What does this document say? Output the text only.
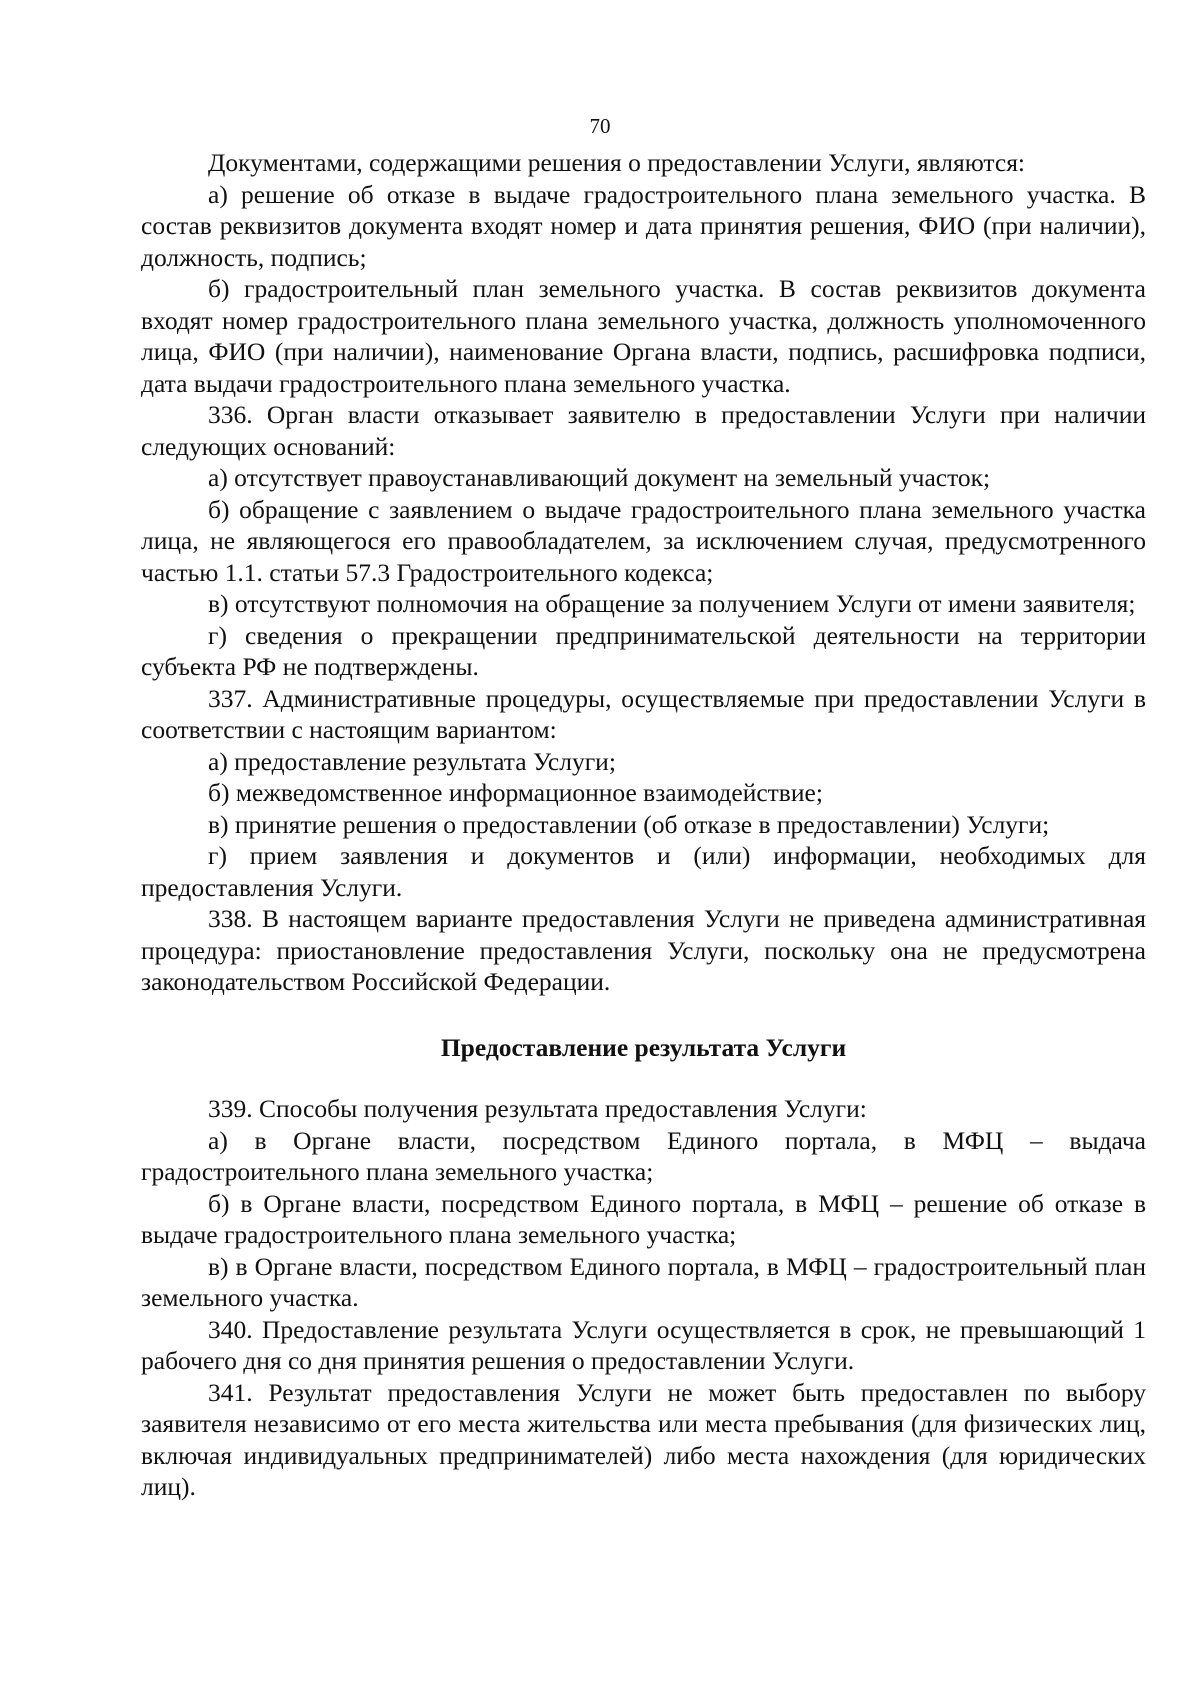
70

Документами, содержащими решения о предоставлении Услуги, являются:

а) решение об отказе в выдаче градостроительного плана земельного участка. В состав реквизитов документа входят номер и дата принятия решения, ФИО (при наличии), должность, подпись;

б) градостроительный план земельного участка. В состав реквизитов документа входят номер градостроительного плана земельного участка, должность уполномоченного лица, ФИО (при наличии), наименование Органа власти, подпись, расшифровка подписи, дата выдачи градостроительного плана земельного участка.

336. Орган власти отказывает заявителю в предоставлении Услуги при наличии следующих оснований:

а) отсутствует правоустанавливающий документ на земельный участок;

б) обращение с заявлением о выдаче градостроительного плана земельного участка лица, не являющегося его правообладателем, за исключением случая, предусмотренного частью 1.1. статьи 57.3 Градостроительного кодекса;

в) отсутствуют полномочия на обращение за получением Услуги от имени заявителя;

г) сведения о прекращении предпринимательской деятельности на территории субъекта РФ не подтверждены.

337. Административные процедуры, осуществляемые при предоставлении Услуги в соответствии с настоящим вариантом:

а) предоставление результата Услуги;

б) межведомственное информационное взаимодействие;

в) принятие решения о предоставлении (об отказе в предоставлении) Услуги;

г) прием заявления и документов и (или) информации, необходимых для предоставления Услуги.

338. В настоящем варианте предоставления Услуги не приведена административная процедура: приостановление предоставления Услуги, поскольку она не предусмотрена законодательством Российской Федерации.

Предоставление результата Услуги

339. Способы получения результата предоставления Услуги:

а) в Органе власти, посредством Единого портала, в МФЦ – выдача градостроительного плана земельного участка;

б) в Органе власти, посредством Единого портала, в МФЦ – решение об отказе в выдаче градостроительного плана земельного участка;

в) в Органе власти, посредством Единого портала, в МФЦ – градостроительный план земельного участка.

340. Предоставление результата Услуги осуществляется в срок, не превышающий 1 рабочего дня со дня принятия решения о предоставлении Услуги.

341. Результат предоставления Услуги не может быть предоставлен по выбору заявителя независимо от его места жительства или места пребывания (для физических лиц, включая индивидуальных предпринимателей) либо места нахождения (для юридических лиц).
